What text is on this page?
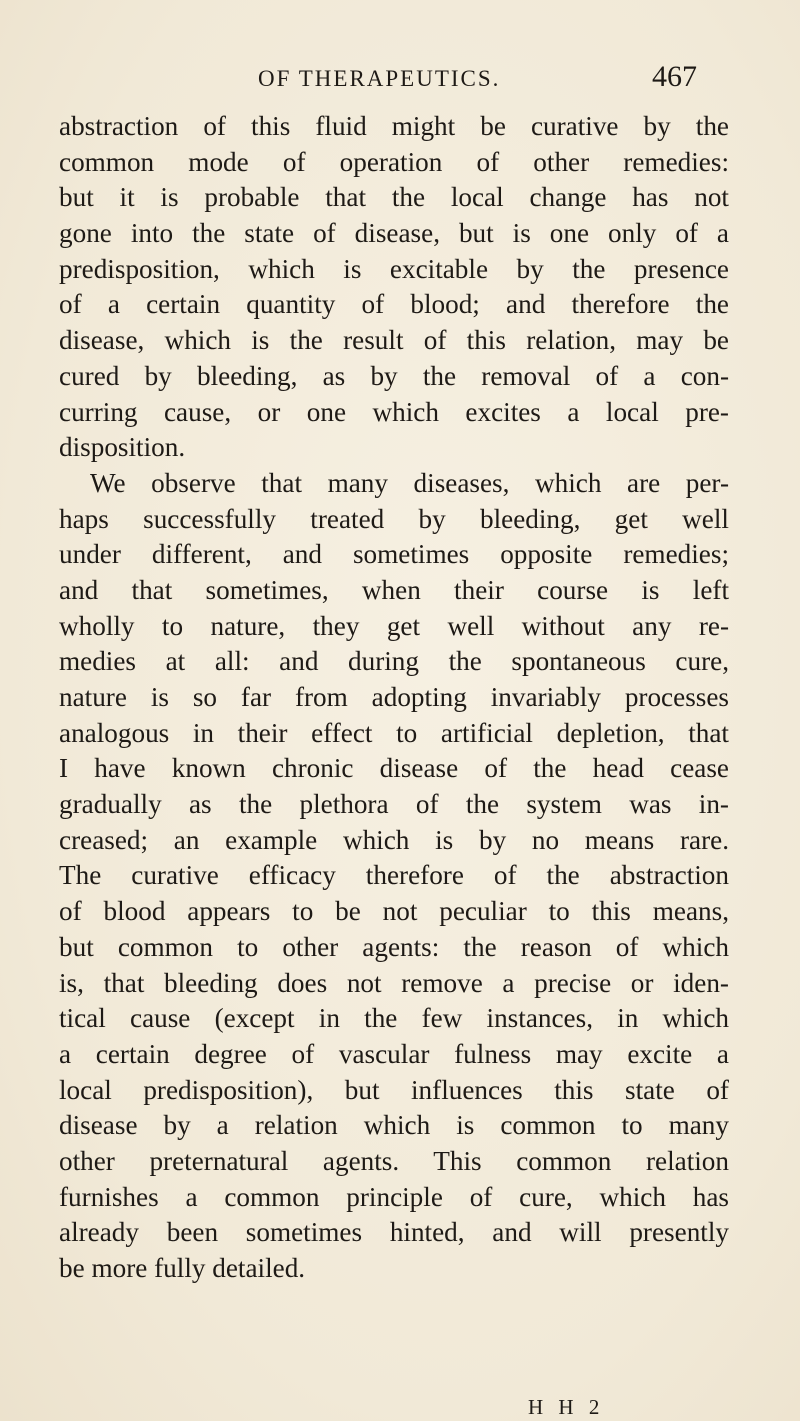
OF THERAPEUTICS.	467
abstraction of this fluid might be curative by the
common mode of operation of other remedies:
but it is probable that the local change has not
gone into the state of disease, but is one only of a
predisposition, which is excitable by the presence
of a certain quantity of blood; and therefore the
disease, which is the result of this relation, may be
cured by bleeding, as by the removal of a con-
curring cause, or one which excites a local pre-
disposition.
We observe that many diseases, which are per-
haps successfully treated by bleeding, get well
under different, and sometimes opposite remedies;
and that sometimes, when their course is left
wholly to nature, they get well without any re-
medies at all: and during the spontaneous cure,
nature is so far from adopting invariably processes
analogous in their effect to artificial depletion, that
I have known chronic disease of the head cease
gradually as the plethora of the system was in-
creased; an example which is by no means rare.
The curative efficacy therefore of the abstraction
of blood appears to be not peculiar to this means,
but common to other agents: the reason of which
is, that bleeding does not remove a precise or iden-
tical cause (except in the few instances, in which
a certain degree of vascular fulness may excite a
local predisposition), but influences this state of
disease by a relation which is common to many
other preternatural agents. This common relation
furnishes a common principle of cure, which has
already been sometimes hinted, and will presently
be more fully detailed.
H H 2
